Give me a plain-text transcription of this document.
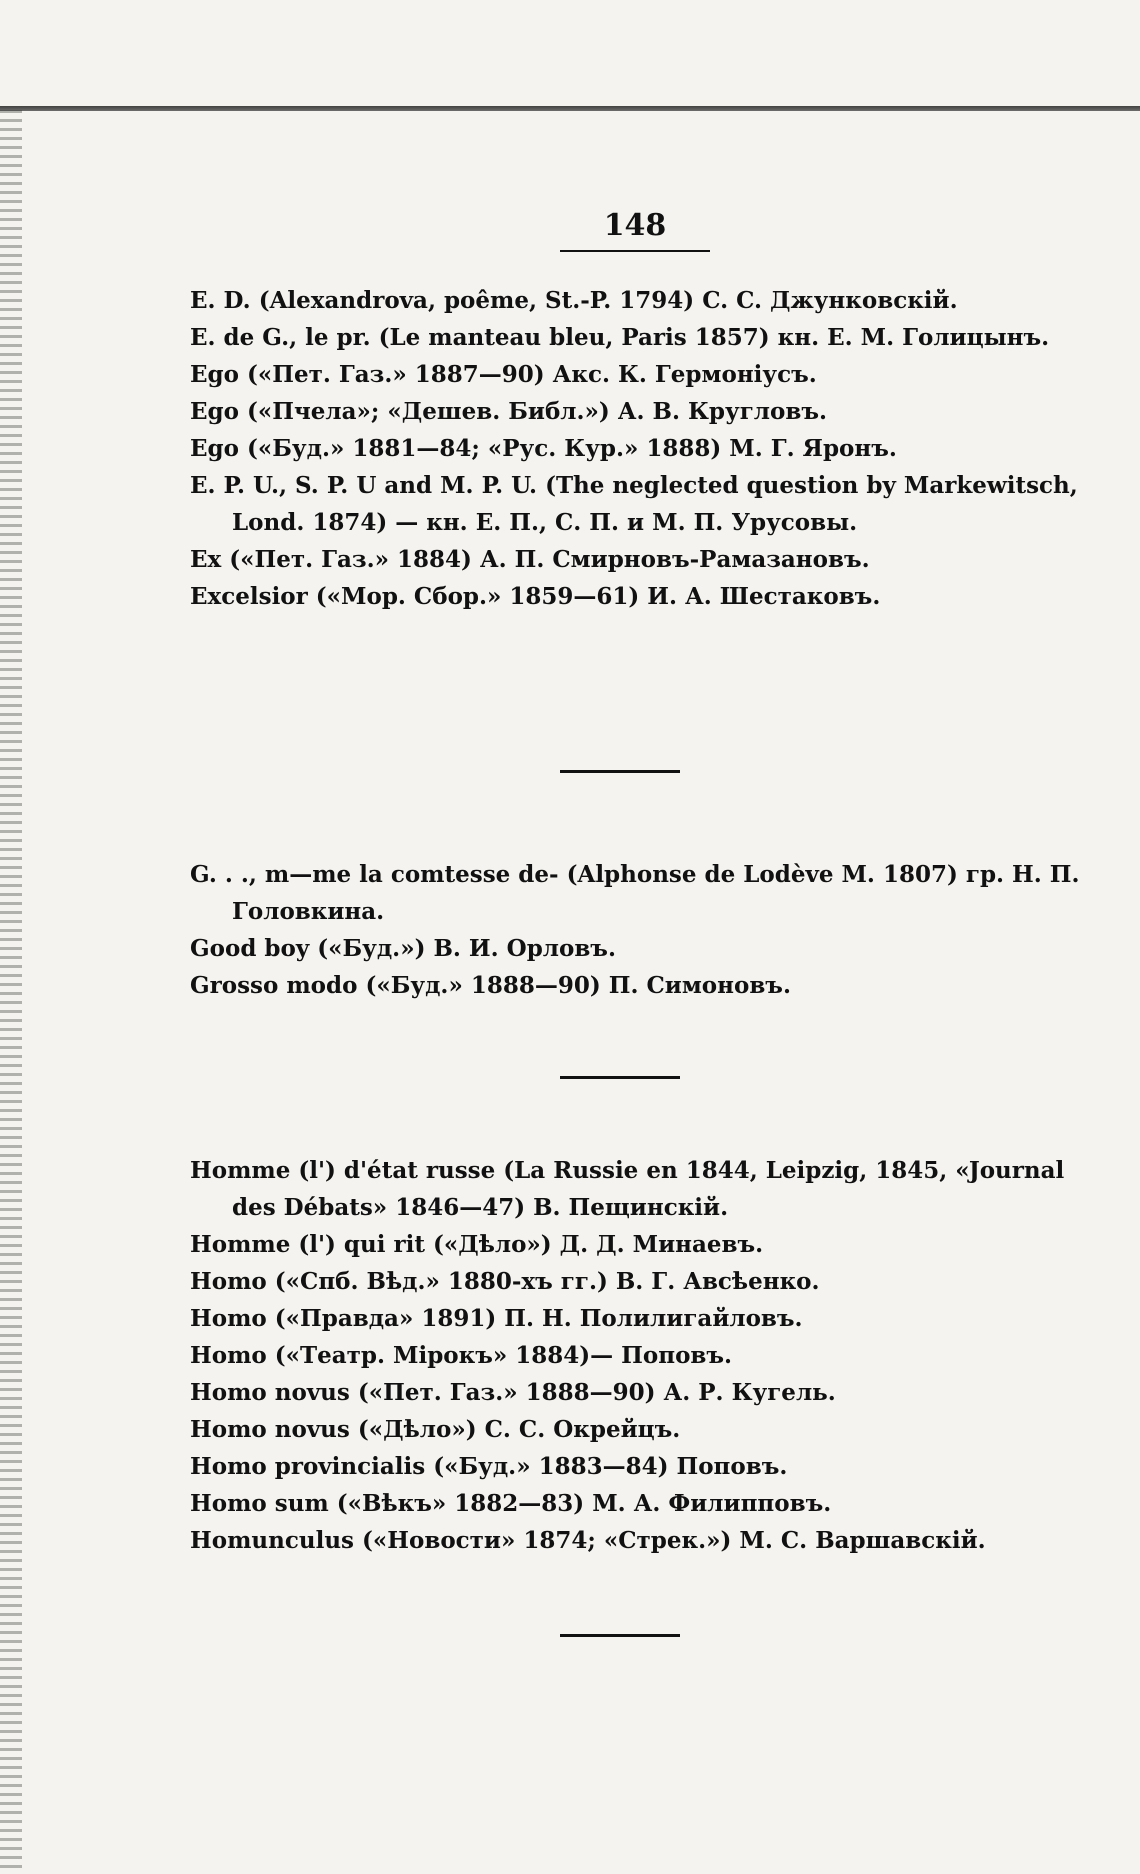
148
E. D. (Alexandrova, poême, St.-P. 1794) C. C. Джунковскій.
E. de G., le pr. (Le manteau bleu, Paris 1857) кн. Е. М. Голицынъ.
Ego («Пет. Газ.» 1887—90) Акс. К. Гермоніусъ.
Ego («Пчела»; «Дешев. Библ.») А. В. Кругловъ.
Ego («Буд.» 1881—84; «Рус. Кур.» 1888) М. Г. Яронъ.
E. P. U., S. P. U and M. P. U. (The neglected question by Markewitsch, Lond. 1874) — кн. Е. П., С. П. и М. П. Урусовы.
Ex («Пет. Газ.» 1884) А. П. Смирновъ-Рамазановъ.
Excelsior («Мор. Сбор.» 1859—61) И. А. Шестаковъ.
G. . ., m—me la comtesse de- (Alphonse de Lodève M. 1807) гр. Н. П. Головкина.
Good boy («Буд.») В. И. Орловъ.
Grosso modo («Буд.» 1888—90) П. Симоновъ.
Homme (l') d'état russe (La Russie en 1844, Leipzig, 1845, «Journal des Débats» 1846—47) В. Пещинскій.
Homme (l') qui rit («Дѣло») Д. Д. Минаевъ.
Homo («Спб. Вѣд.» 1880-хъ гг.) В. Г. Авсѣенко.
Homo («Правда» 1891) П. Н. Полилигайловъ.
Homo («Театр. Мірокъ» 1884)— Поповъ.
Homo novus («Пет. Газ.» 1888—90) А. Р. Кугель.
Homo novus («Дѣло») С. С. Окрейцъ.
Homo provincialis («Буд.» 1883—84) Поповъ.
Homo sum («Вѣкъ» 1882—83) М. А. Филипповъ.
Homunculus («Новости» 1874; «Стрек.») М. С. Варшавскій.
